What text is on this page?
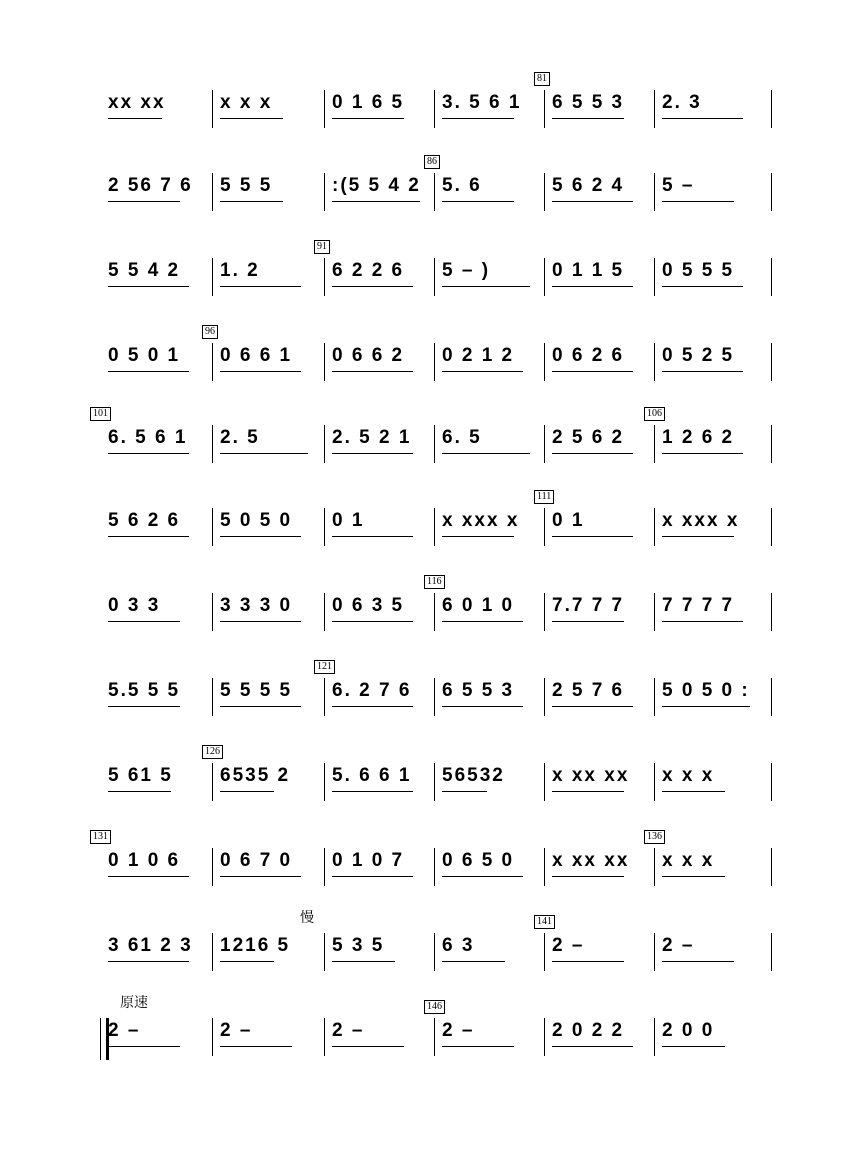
xx xx	x x x	0 1 6 5 3. 5 6 1 6 5 5 3 2. 3
81
2 56 7 6 5 5 5	:(5 5 4 2 5. 6	5 6 2 4 5 –
86
5 5 4 2 1. 2	6 2 2 6 5 – )	0 1 1 5 0 5 5 5
91
0 5 0 1 0 6 6 1 0 6 6 2 0 2 1 2 0 6 2 6 0 5 2 5
96
6. 5 6 1 2. 5	2. 5 2 1 6. 5	2 5 6 2 1 2 6 2
101	106
5 6 2 6 5 0 5 0 0 1	x xxx x 0 1	x xxx x
111
0 3 3	3 3 3 0 0 6 3 5 6 0 1 0 7.7 7 7 7 7 7 7
116
5.5 5 5 5 5 5 5 6. 2 7 6 6 5 5 3 2 5 7 6 5 0 5 0 :
121
5 61 5 6535 2 5. 6 6 1 56532 x xx xx x x x
126
0 1 0 6 0 6 7 0 0 1 0 7 0 6 5 0 x xx xx x x x
131	136
3 61 2 3 1216 5 5 3 5	6 3	2 –	2 –
141
慢
2 –	2 –	2 –	2 –	2 0 2 2 2 0 0
146
原速
